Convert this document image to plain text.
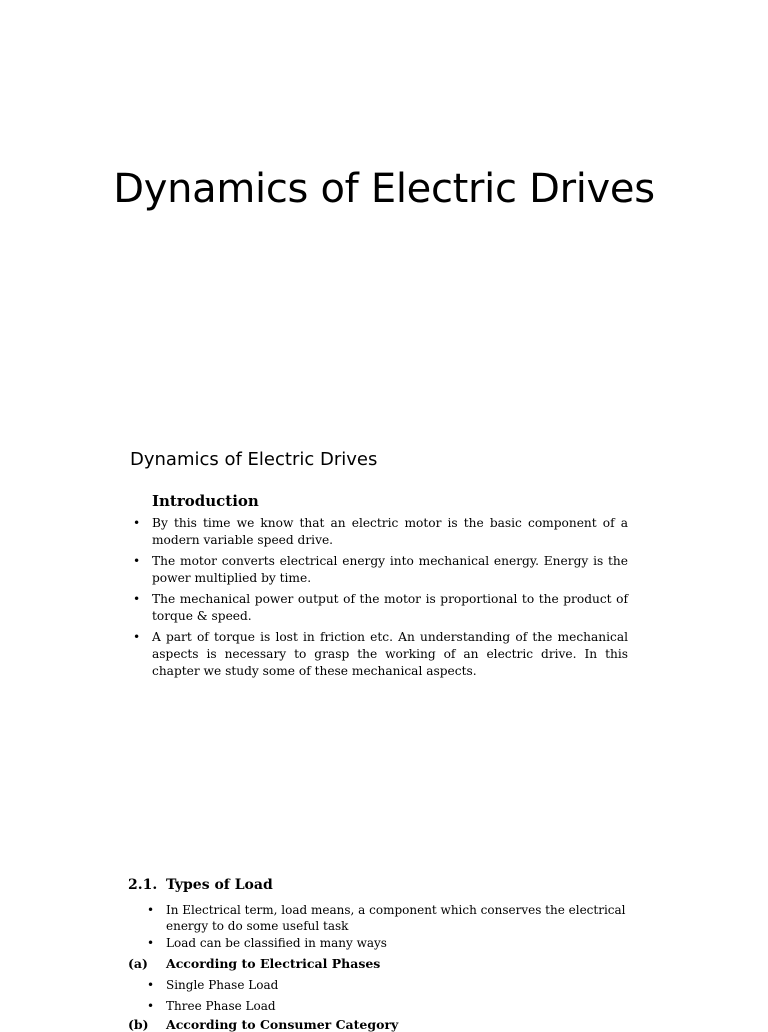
Dynamics of Electric Drives
Dynamics of Electric Drives
Introduction
• By this time we know that an electric motor is the basic component of a modern variable speed drive.
• The motor converts electrical energy into mechanical energy. Energy is the power multiplied by time.
• The mechanical power output of the motor is proportional to the product of torque & speed.
• A part of torque is lost in friction etc. An understanding of the mechanical aspects is necessary to grasp the working of an electric drive. In this chapter we study some of these mechanical aspects.
2.1. Types of Load
• In Electrical term, load means, a component which conserves the electrical energy to do some useful task
• Load can be classified in many ways
(a) According to Electrical Phases
• Single Phase Load
• Three Phase Load
(b) According to Consumer Category
